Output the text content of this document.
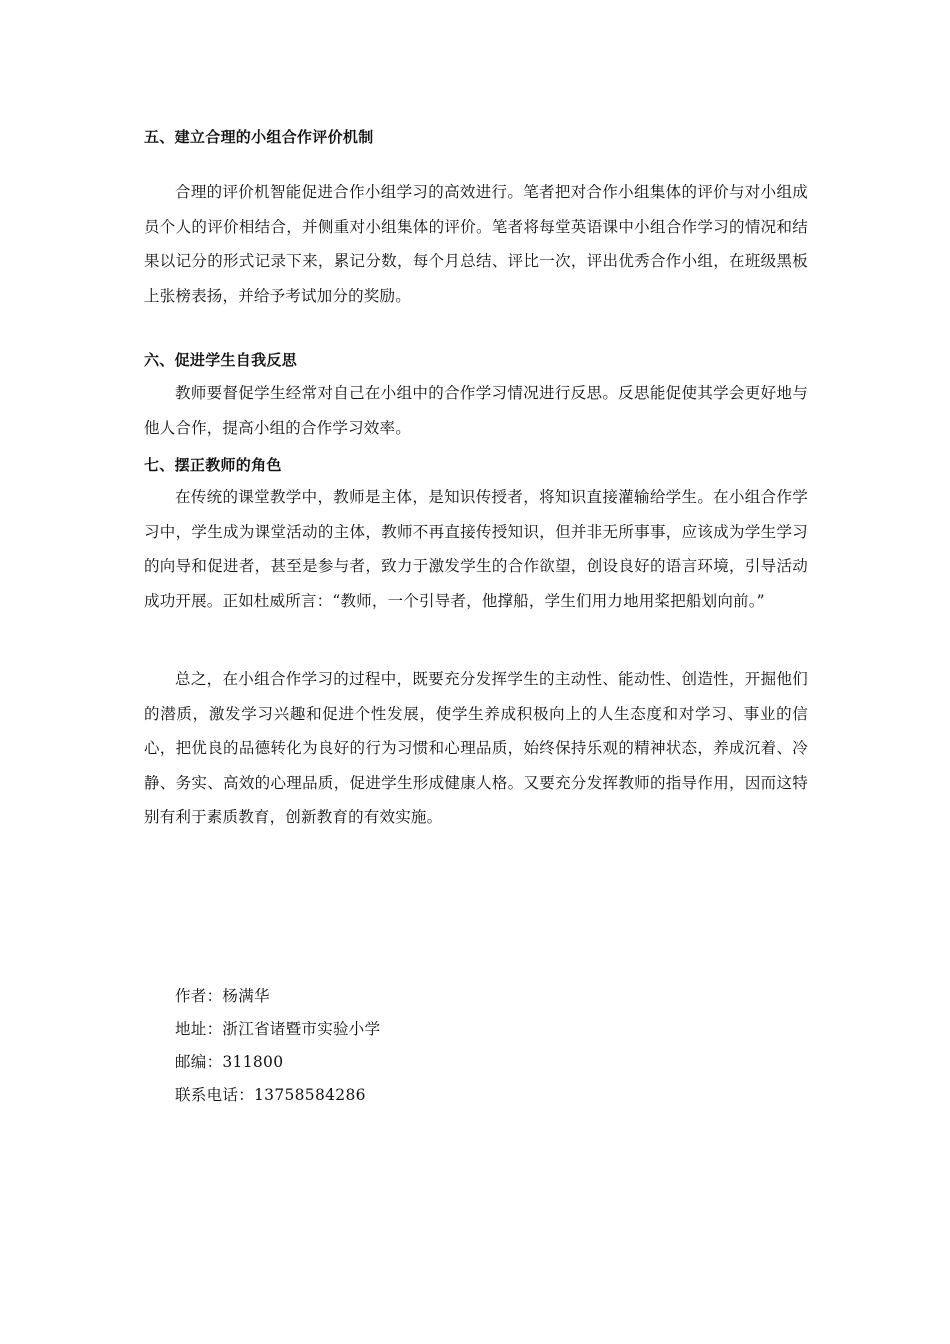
五、建立合理的小组合作评价机制
合理的评价机智能促进合作小组学习的高效进行。笔者把对合作小组集体的评价与对小组成员个人的评价相结合，并侧重对小组集体的评价。笔者将每堂英语课中小组合作学习的情况和结果以记分的形式记录下来，累记分数，每个月总结、评比一次，评出优秀合作小组，在班级黑板上张榜表扬，并给予考试加分的奖励。
六、促进学生自我反思
教师要督促学生经常对自己在小组中的合作学习情况进行反思。反思能促使其学会更好地与他人合作，提高小组的合作学习效率。
七、摆正教师的角色
在传统的课堂教学中，教师是主体，是知识传授者，将知识直接灌输给学生。在小组合作学习中，学生成为课堂活动的主体，教师不再直接传授知识，但并非无所事事，应该成为学生学习的向导和促进者，甚至是参与者，致力于激发学生的合作欲望，创设良好的语言环境，引导活动成功开展。正如杜威所言：“教师，一个引导者，他撑船，学生们用力地用桨把船划向前。”
总之，在小组合作学习的过程中，既要充分发挥学生的主动性、能动性、创造性，开掘他们的潜质，激发学习兴趣和促进个性发展，使学生养成积极向上的人生态度和对学习、事业的信心，把优良的品德转化为良好的行为习惯和心理品质，始终保持乐观的精神状态，养成沉着、冷静、务实、高效的心理品质，促进学生形成健康人格。又要充分发挥教师的指导作用，因而这特别有利于素质教育，创新教育的有效实施。
作者：杨满华
地址：浙江省诸暨市实验小学
邮编：311800
联系电话：13758584286
